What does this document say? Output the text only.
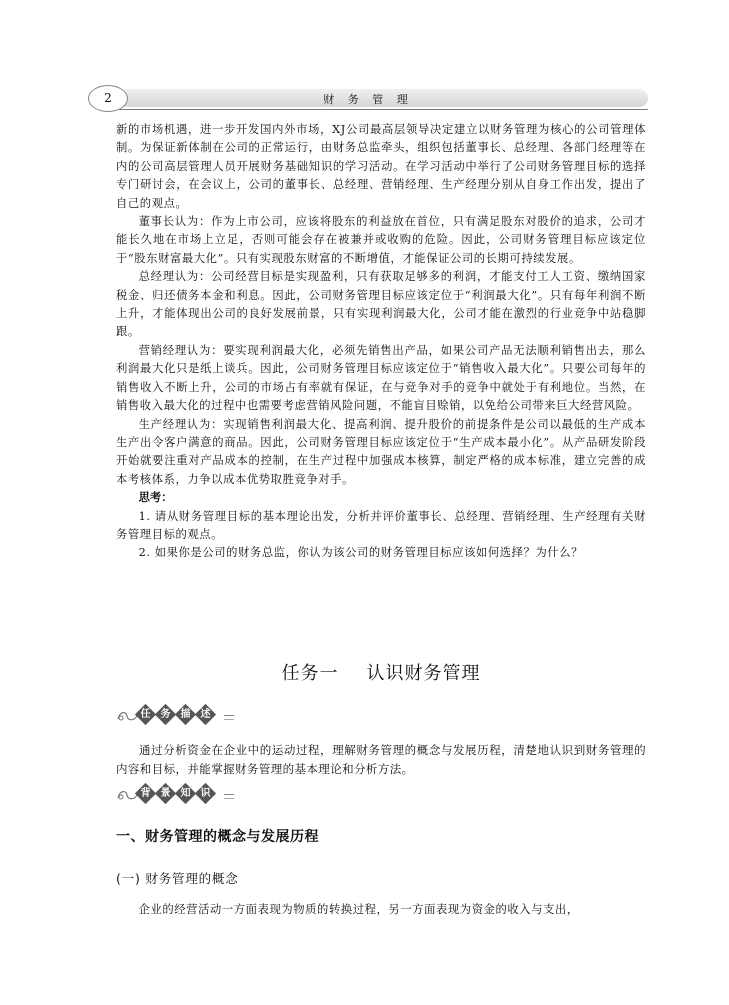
2	财 务 管 理

新的市场机遇，进一步开发国内外市场，XJ公司最高层领导决定建立以财务管理为核心的公司管理体制。为保证新体制在公司的正常运行，由财务总监牵头，组织包括董事长、总经理、各部门经理等在内的公司高层管理人员开展财务基础知识的学习活动。在学习活动中举行了公司财务管理目标的选择专门研讨会，在会议上，公司的董事长、总经理、营销经理、生产经理分别从自身工作出发，提出了自己的观点。

董事长认为：作为上市公司，应该将股东的利益放在首位，只有满足股东对股价的追求，公司才能长久地在市场上立足，否则可能会存在被兼并或收购的危险。因此，公司财务管理目标应该定位于“股东财富最大化”。只有实现股东财富的不断增值，才能保证公司的长期可持续发展。

总经理认为：公司经营目标是实现盈利，只有获取足够多的利润，才能支付工人工资、缴纳国家税金、归还债务本金和利息。因此，公司财务管理目标应该定位于“利润最大化”。只有每年利润不断上升，才能体现出公司的良好发展前景，只有实现利润最大化，公司才能在激烈的行业竞争中站稳脚跟。

营销经理认为：要实现利润最大化，必须先销售出产品，如果公司产品无法顺利销售出去，那么利润最大化只是纸上谈兵。因此，公司财务管理目标应该定位于“销售收入最大化”。只要公司每年的销售收入不断上升，公司的市场占有率就有保证，在与竞争对手的竞争中就处于有利地位。当然，在销售收入最大化的过程中也需要考虑营销风险问题，不能盲目赊销，以免给公司带来巨大经营风险。

生产经理认为：实现销售利润最大化、提高利润、提升股价的前提条件是公司以最低的生产成本生产出令客户满意的商品。因此，公司财务管理目标应该定位于“生产成本最小化”。从产品研发阶段开始就要注重对产品成本的控制，在生产过程中加强成本核算，制定严格的成本标准，建立完善的成本考核体系，力争以成本优势取胜竞争对手。

思考：

1. 请从财务管理目标的基本理论出发，分析并评价董事长、总经理、营销经理、生产经理有关财务管理目标的观点。

2. 如果你是公司的财务总监，你认为该公司的财务管理目标应该如何选择？为什么？

任务一 认识财务管理
任 务 描 述

通过分析资金在企业中的运动过程，理解财务管理的概念与发展历程，清楚地认识到财务管理的内容和目标，并能掌握财务管理的基本理论和分析方法。

背 景 知 识
一、财务管理的概念与发展历程
(一) 财务管理的概念

企业的经营活动一方面表现为物质的转换过程，另一方面表现为资金的收入与支出，
